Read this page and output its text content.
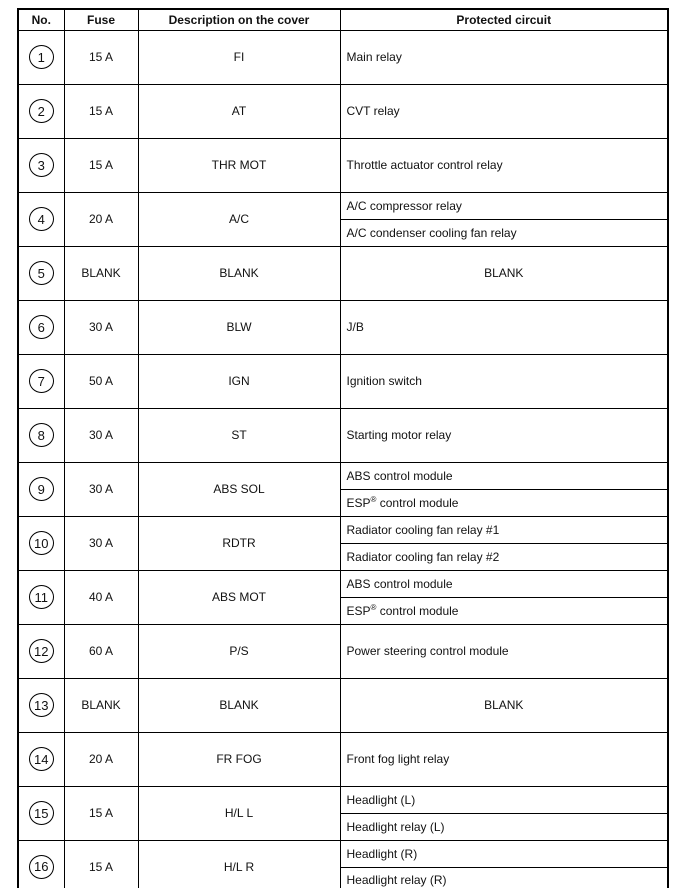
No.	Fuse	Description on the cover	Protected circuit
1	15 A	FI	Main relay
2	15 A	AT	CVT relay
3	15 A	THR MOT	Throttle actuator control relay
4	20 A	A/C	A/C compressor relay
			A/C condenser cooling fan relay
5	BLANK	BLANK	BLANK
6	30 A	BLW	J/B
7	50 A	IGN	Ignition switch
8	30 A	ST	Starting motor relay
9	30 A	ABS SOL	ABS control module
			ESP® control module
10	30 A	RDTR	Radiator cooling fan relay #1
			Radiator cooling fan relay #2
11	40 A	ABS MOT	ABS control module
			ESP® control module
12	60 A	P/S	Power steering control module
13	BLANK	BLANK	BLANK
14	20 A	FR FOG	Front fog light relay
15	15 A	H/L L	Headlight (L)
			Headlight relay (L)
16	15 A	H/L R	Headlight (R)
			Headlight relay (R)
